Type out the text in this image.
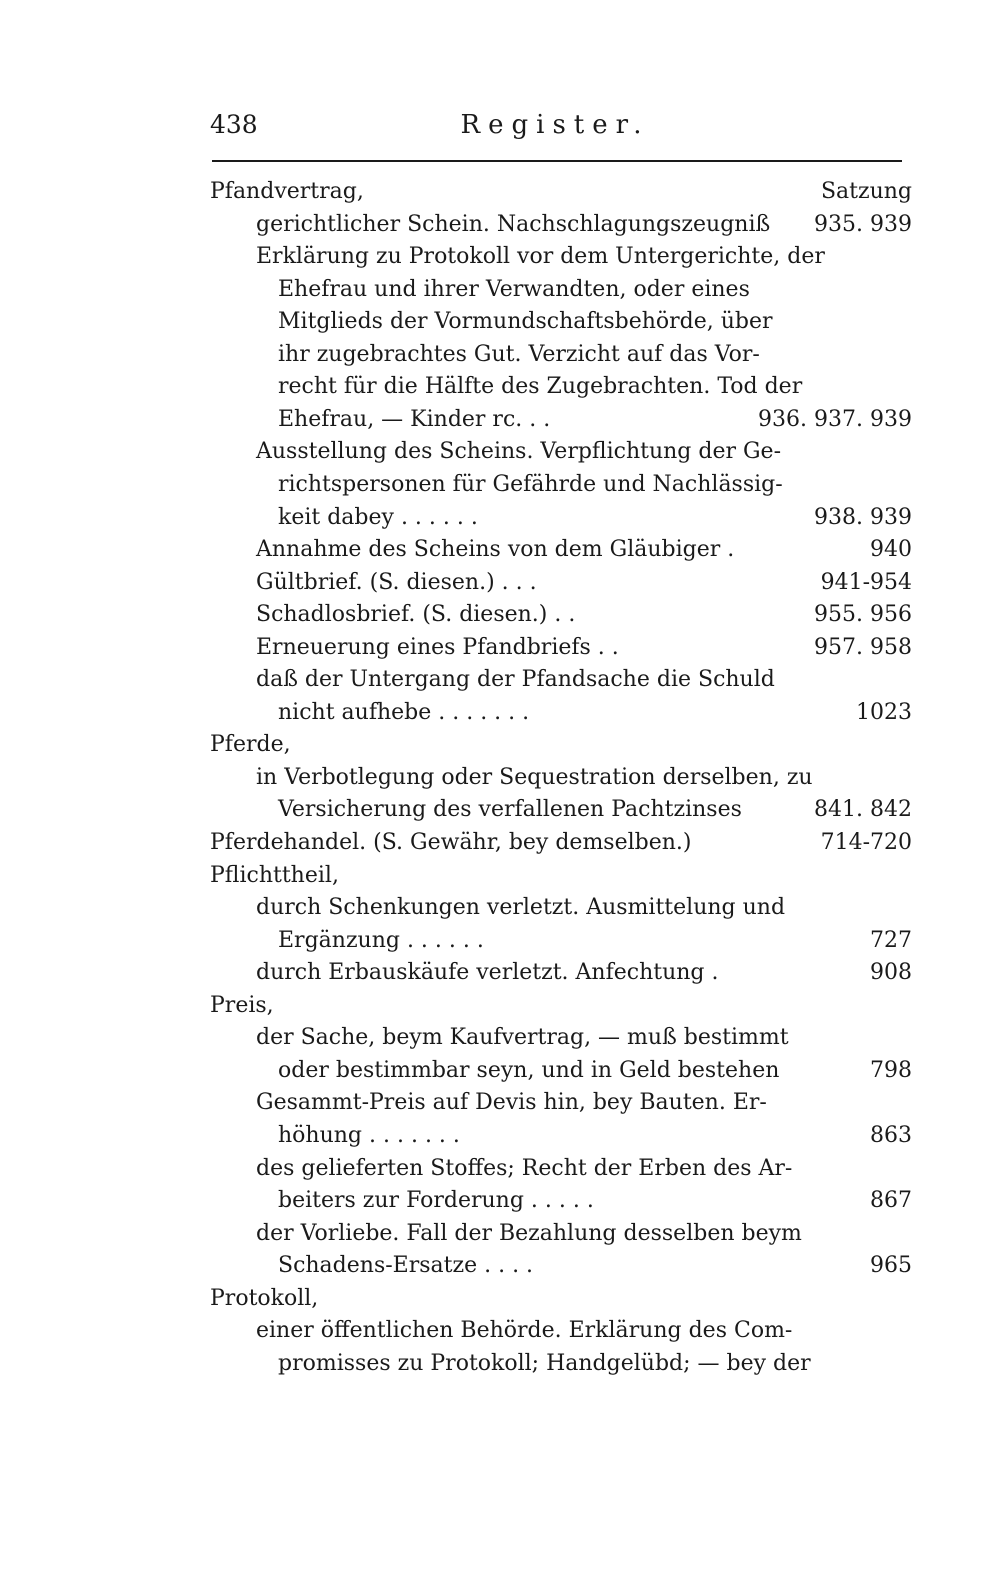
438	Register.
Pfandvertrag,	Satzung
gerichtlicher Schein. Nachschlagungszeugniß 935. 939
Erklärung zu Protokoll vor dem Untergerichte, der
Ehefrau und ihrer Verwandten, oder eines
Mitglieds der Vormundschaftsbehörde, über
ihr zugebrachtes Gut. Verzicht auf das Vor-
recht für die Hälfte des Zugebrachten. Tod der
Ehefrau, — Kinder rc. . .	936. 937. 939
Ausstellung des Scheins. Verpflichtung der Ge-
richtspersonen für Gefährde und Nachlässig-
keit dabey . . . . . .	938. 939
Annahme des Scheins von dem Gläubiger .	940
Gültbrief. (S. diesen.) . . .	941-954
Schadlosbrief. (S. diesen.) . .	955. 956
Erneuerung eines Pfandbriefs . .	957. 958
daß der Untergang der Pfandsache die Schuld
nicht aufhebe . . . . . . .	1023
Pferde,
in Verbotlegung oder Sequestration derselben, zu
Versicherung des verfallenen Pachtzinses	841. 842
Pferdehandel. (S. Gewähr, bey demselben.)	714-720
Pflichttheil,
durch Schenkungen verletzt. Ausmittelung und
Ergänzung . . . . . .	727
durch Erbauskäufe verletzt. Anfechtung .	908
Preis,
der Sache, beym Kaufvertrag, — muß bestimmt
oder bestimmbar seyn, und in Geld bestehen	798
Gesammt-Preis auf Devis hin, bey Bauten. Er-
höhung . . . . . . .	863
des gelieferten Stoffes; Recht der Erben des Ar-
beiters zur Forderung . . . . .	867
der Vorliebe. Fall der Bezahlung desselben beym
Schadens-Ersatze . . . .	965
Protokoll,
einer öffentlichen Behörde. Erklärung des Com-
promisses zu Protokoll; Handgelübd; — bey der
